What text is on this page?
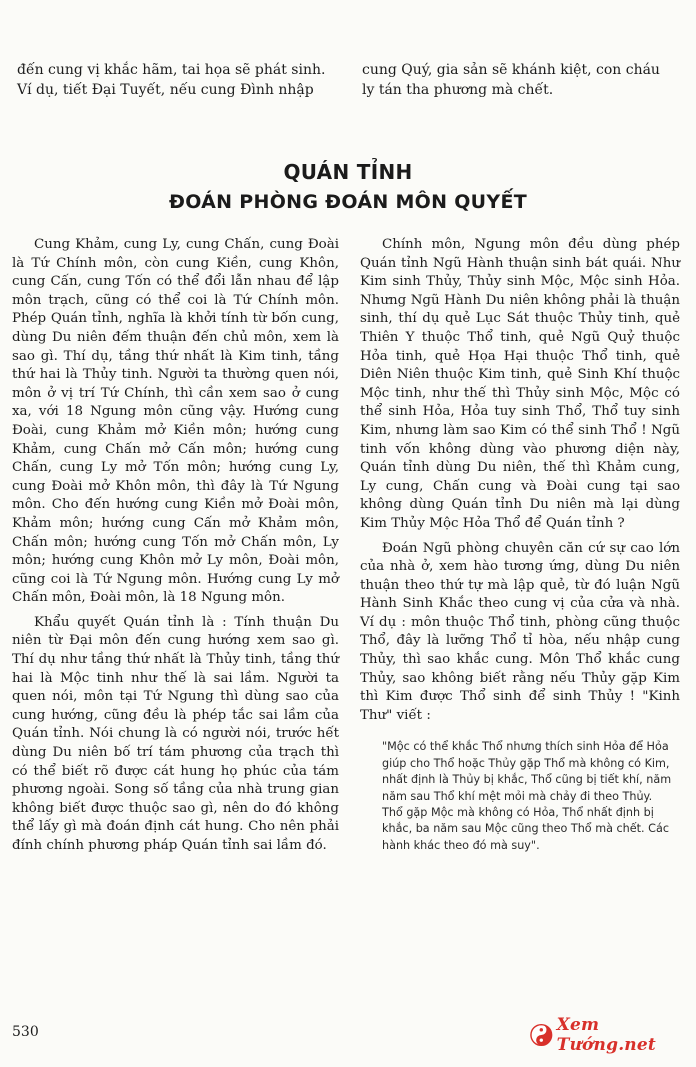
đến cung vị khắc hãm, tai họa sẽ phát sinh.

Ví dụ, tiết Đại Tuyết, nếu cung Đình nhập

cung Quý, gia sản sẽ khánh kiệt, con cháu

ly tán tha phương mà chết.

QUÁN TỈNH
ĐOÁN PHÒNG ĐOÁN MÔN QUYẾT

Cung Khảm, cung Ly, cung Chấn, cung Đoài là Tứ Chính môn, còn cung Kiền, cung Khôn, cung Cấn, cung Tốn có thể đổi lẫn nhau để lập môn trạch, cũng có thể coi là Tứ Chính môn. Phép Quán tỉnh, nghĩa là khởi tính từ bốn cung, dùng Du niên đếm thuận đến chủ môn, xem là sao gì. Thí dụ, tầng thứ nhất là Kim tinh, tầng thứ hai là Thủy tinh. Người ta thường quen nói, môn ở vị trí Tứ Chính, thì cần xem sao ở cung xa, với 18 Ngung môn cũng vậy. Hướng cung Đoài, cung Khảm mở Kiền môn; hướng cung Khảm, cung Chấn mở Cấn môn; hướng cung Chấn, cung Ly mở Tốn môn; hướng cung Ly, cung Đoài mở Khôn môn, thì đây là Tứ Ngung môn. Cho đến hướng cung Kiền mở Đoài môn, Khảm môn; hướng cung Cấn mở Khảm môn, Chấn môn; hướng cung Tốn mở Chấn môn, Ly môn; hướng cung Khôn mở Ly môn, Đoài môn, cũng coi là Tứ Ngung môn. Hướng cung Ly mở Chấn môn, Đoài môn, là 18 Ngung môn.

Khẩu quyết Quán tỉnh là : Tính thuận Du niên từ Đại môn đến cung hướng xem sao gì. Thí dụ như tầng thứ nhất là Thủy tinh, tầng thứ hai là Mộc tinh như thế là sai lầm. Người ta quen nói, môn tại Tứ Ngung thì dùng sao của cung hướng, cũng đều là phép tắc sai lầm của Quán tỉnh. Nói chung là có người nói, trước hết dùng Du niên bố trí tám phương của trạch thì có thể biết rõ được cát hung họ phúc của tám phương ngoài. Song số tầng của nhà trung gian không biết được thuộc sao gì, nên do đó không thể lấy gì mà đoán định cát hung. Cho nên phải đính chính phương pháp Quán tỉnh sai lầm đó.

Chính môn, Ngung môn đều dùng phép Quán tỉnh Ngũ Hành thuận sinh bát quái. Như Kim sinh Thủy, Thủy sinh Mộc, Mộc sinh Hỏa. Nhưng Ngũ Hành Du niên không phải là thuận sinh, thí dụ quẻ Lục Sát thuộc Thủy tinh, quẻ Thiên Y thuộc Thổ tinh, quẻ Ngũ Quỷ thuộc Hỏa tinh, quẻ Họa Hại thuộc Thổ tinh, quẻ Diên Niên thuộc Kim tinh, quẻ Sinh Khí thuộc Mộc tinh, như thế thì Thủy sinh Mộc, Mộc có thể sinh Hỏa, Hỏa tuy sinh Thổ, Thổ tuy sinh Kim, nhưng làm sao Kim có thể sinh Thổ ! Ngũ tinh vốn không dùng vào phương diện này, Quán tỉnh dùng Du niên, thế thì Khảm cung, Ly cung, Chấn cung và Đoài cung tại sao không dùng Quán tỉnh Du niên mà lại dùng Kim Thủy Mộc Hỏa Thổ để Quán tỉnh ?

Đoán Ngũ phòng chuyên căn cứ sự cao lớn của nhà ở, xem hào tương ứng, dùng Du niên thuận theo thứ tự mà lập quẻ, từ đó luận Ngũ Hành Sinh Khắc theo cung vị của cửa và nhà. Ví dụ : môn thuộc Thổ tinh, phòng cũng thuộc Thổ, đây là lưỡng Thổ tỉ hòa, nếu nhập cung Thủy, thì sao khắc cung. Môn Thổ khắc cung Thủy, sao không biết rằng nếu Thủy gặp Kim thì Kim được Thổ sinh để sinh Thủy ! "Kinh Thư" viết :

"Mộc có thể khắc Thổ nhưng thích sinh Hỏa để Hỏa giúp cho Thổ hoặc Thủy gặp Thổ mà không có Kim, nhất định là Thủy bị khắc, Thổ cũng bị tiết khí, năm năm sau Thổ khí mệt mỏi mà chảy đi theo Thủy. Thổ gặp Mộc mà không có Hỏa, Thổ nhất định bị khắc, ba năm sau Mộc cũng theo Thổ mà chết. Các hành khác theo đó mà suy".
530	Xem Tướng.net
